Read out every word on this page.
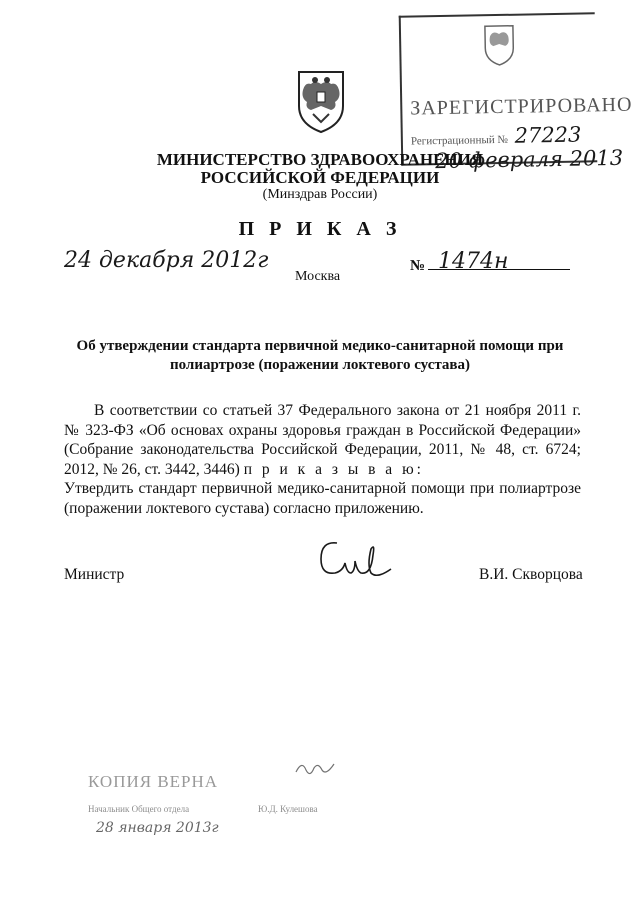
ЗАРЕГИСТРИРОВАНО
Регистрационный № 27223
20 февраля 2013
МИНИСТЕРСТВО ЗДРАВООХРАНЕНИЯ
РОССИЙСКОЙ ФЕДЕРАЦИИ
(Минздрав России)
П Р И К А З
24 декабря 2012г
Москва
№ 1474н
Об утверждении стандарта первичной медико-санитарной помощи при
полиартрозе (поражении локтевого сустава)

В соответствии со статьей 37 Федерального закона от 21 ноября 2011 г. № 323-ФЗ «Об основах охраны здоровья граждан в Российской Федерации» (Собрание законодательства Российской Федерации, 2011, № 48, ст. 6724; 2012, № 26, ст. 3442, 3446) п р и к а з ы в а ю:

Утвердить стандарт первичной медико-санитарной помощи при полиартрозе (поражении локтевого сустава) согласно приложению.

Министр	В.И. Скворцова
КОПИЯ ВЕРНА
Начальник Общего отдела	Ю.Д. Кулешова
28 января 2013г
